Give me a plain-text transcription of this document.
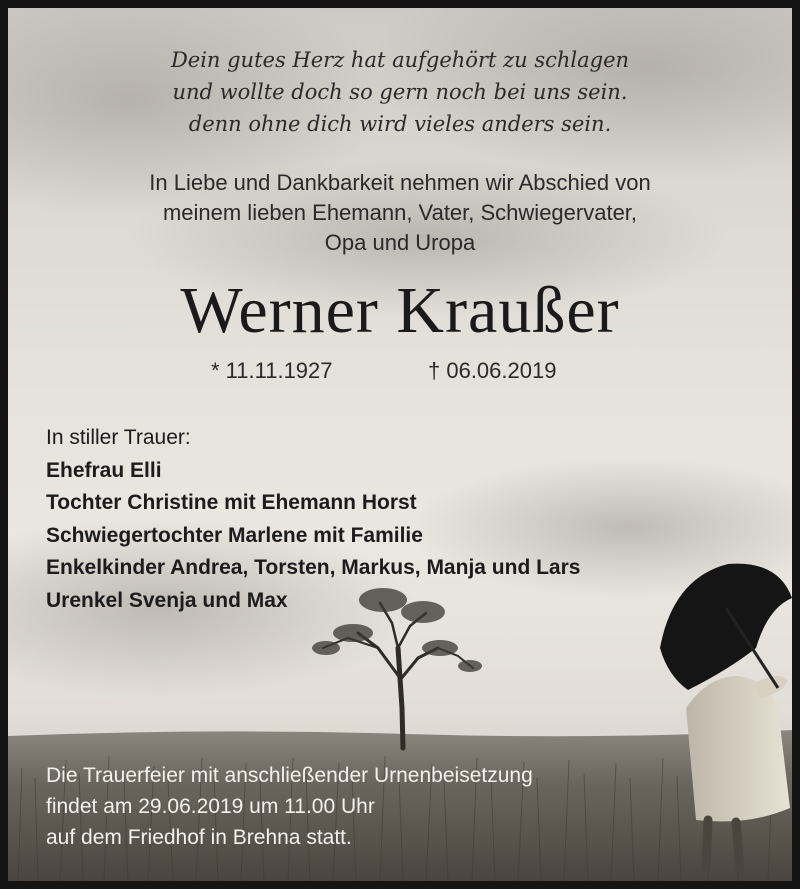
Dein gutes Herz hat aufgehört zu schlagen
und wollte doch so gern noch bei uns sein.
denn ohne dich wird vieles anders sein.
In Liebe und Dankbarkeit nehmen wir Abschied von
meinem lieben Ehemann, Vater, Schwiegervater,
Opa und Uropa
Werner Kraußer
* 11.11.1927	† 06.06.2019
In stiller Trauer:
Ehefrau Elli
Tochter Christine mit Ehemann Horst
Schwiegertochter Marlene mit Familie
Enkelkinder Andrea, Torsten, Markus, Manja und Lars
Urenkel Svenja und Max
Die Trauerfeier mit anschließender Urnenbeisetzung
findet am 29.06.2019 um 11.00 Uhr
auf dem Friedhof in Brehna statt.
